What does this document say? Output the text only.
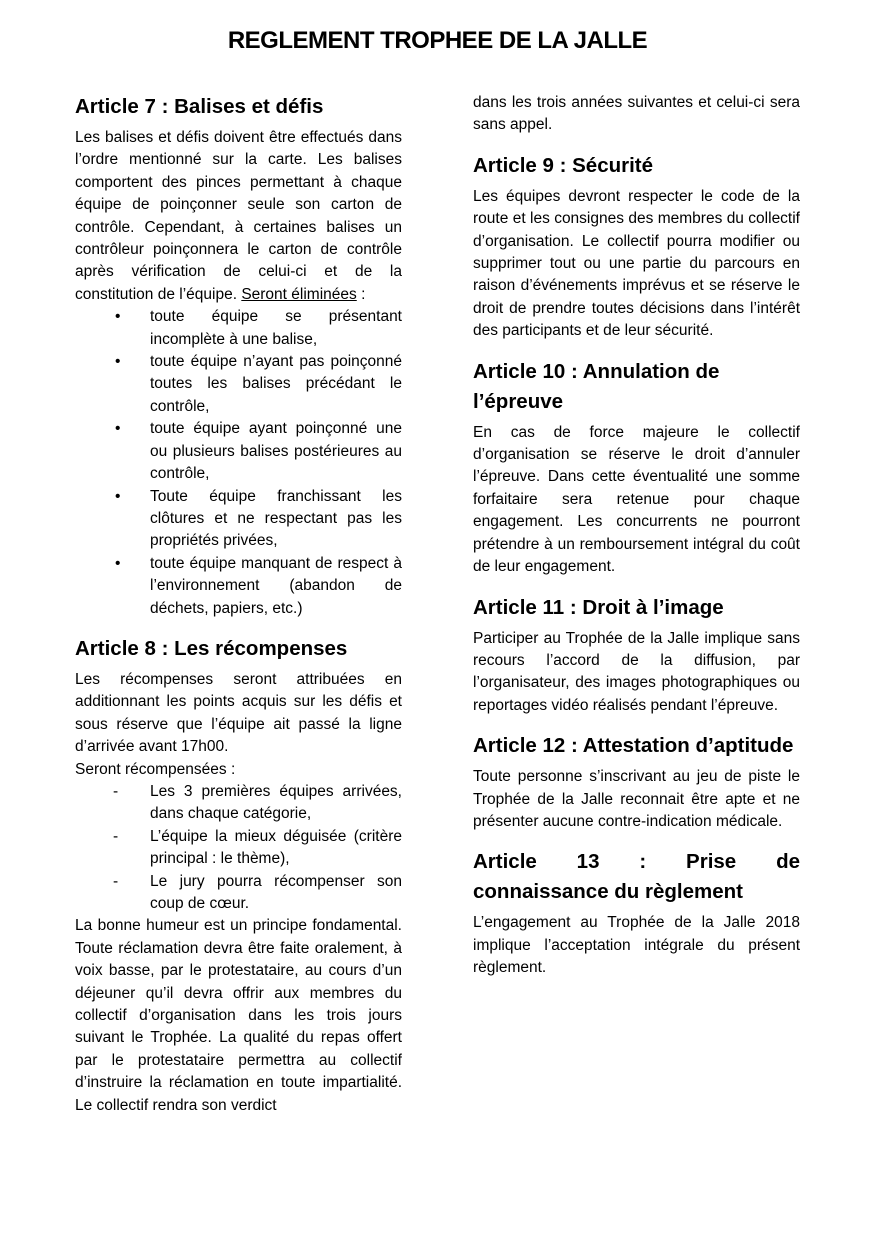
REGLEMENT TROPHEE DE LA JALLE
Article 7 : Balises et défis

Les balises et défis doivent être effectués dans l’ordre mentionné sur la carte. Les balises comportent des pinces permettant à chaque équipe de poinçonner seule son carton de contrôle. Cependant, à certaines balises un contrôleur poinçonnera le carton de contrôle après vérification de celui-ci et de la constitution de l’équipe. Seront éliminées :

• toute équipe se présentant incomplète à une balise,
• toute équipe n’ayant pas poinçonné toutes les balises précédant le contrôle,
• toute équipe ayant poinçonné une ou plusieurs balises postérieures au contrôle,
• Toute équipe franchissant les clôtures et ne respectant pas les propriétés privées,
• toute équipe manquant de respect à l’environnement (abandon de déchets, papiers, etc.)
Article 8 : Les récompenses

Les récompenses seront attribuées en additionnant les points acquis sur les défis et sous réserve que l’équipe ait passé la ligne d’arrivée avant 17h00.

Seront récompensées :

- Les 3 premières équipes arrivées, dans chaque catégorie,
- L’équipe la mieux déguisée (critère principal : le thème),
- Le jury pourra récompenser son coup de cœur.

La bonne humeur est un principe fondamental. Toute réclamation devra être faite oralement, à voix basse, par le protestataire, au cours d’un déjeuner qu’il devra offrir aux membres du collectif d’organisation dans les trois jours suivant le Trophée. La qualité du repas offert par le protestataire permettra au collectif d’instruire la réclamation en toute impartialité. Le collectif rendra son verdict

dans les trois années suivantes et celui-ci sera sans appel.

Article 9 : Sécurité

Les équipes devront respecter le code de la route et les consignes des membres du collectif d’organisation. Le collectif pourra modifier ou supprimer tout ou une partie du parcours en raison d’événements imprévus et se réserve le droit de prendre toutes décisions dans l’intérêt des participants et de leur sécurité.

Article 10 : Annulation de l’épreuve

En cas de force majeure le collectif d’organisation se réserve le droit d’annuler l’épreuve. Dans cette éventualité une somme forfaitaire sera retenue pour chaque engagement. Les concurrents ne pourront prétendre à un remboursement intégral du coût de leur engagement.

Article 11 : Droit à l’image

Participer au Trophée de la Jalle implique sans recours l’accord de la diffusion, par l’organisateur, des images photographiques ou reportages vidéo réalisés pendant l’épreuve.

Article 12 : Attestation d’aptitude

Toute personne s’inscrivant au jeu de piste le Trophée de la Jalle reconnait être apte et ne présenter aucune contre-indication médicale.

Article 13 : Prise de connaissance du règlement

L’engagement au Trophée de la Jalle 2018 implique l’acceptation intégrale du présent règlement.
